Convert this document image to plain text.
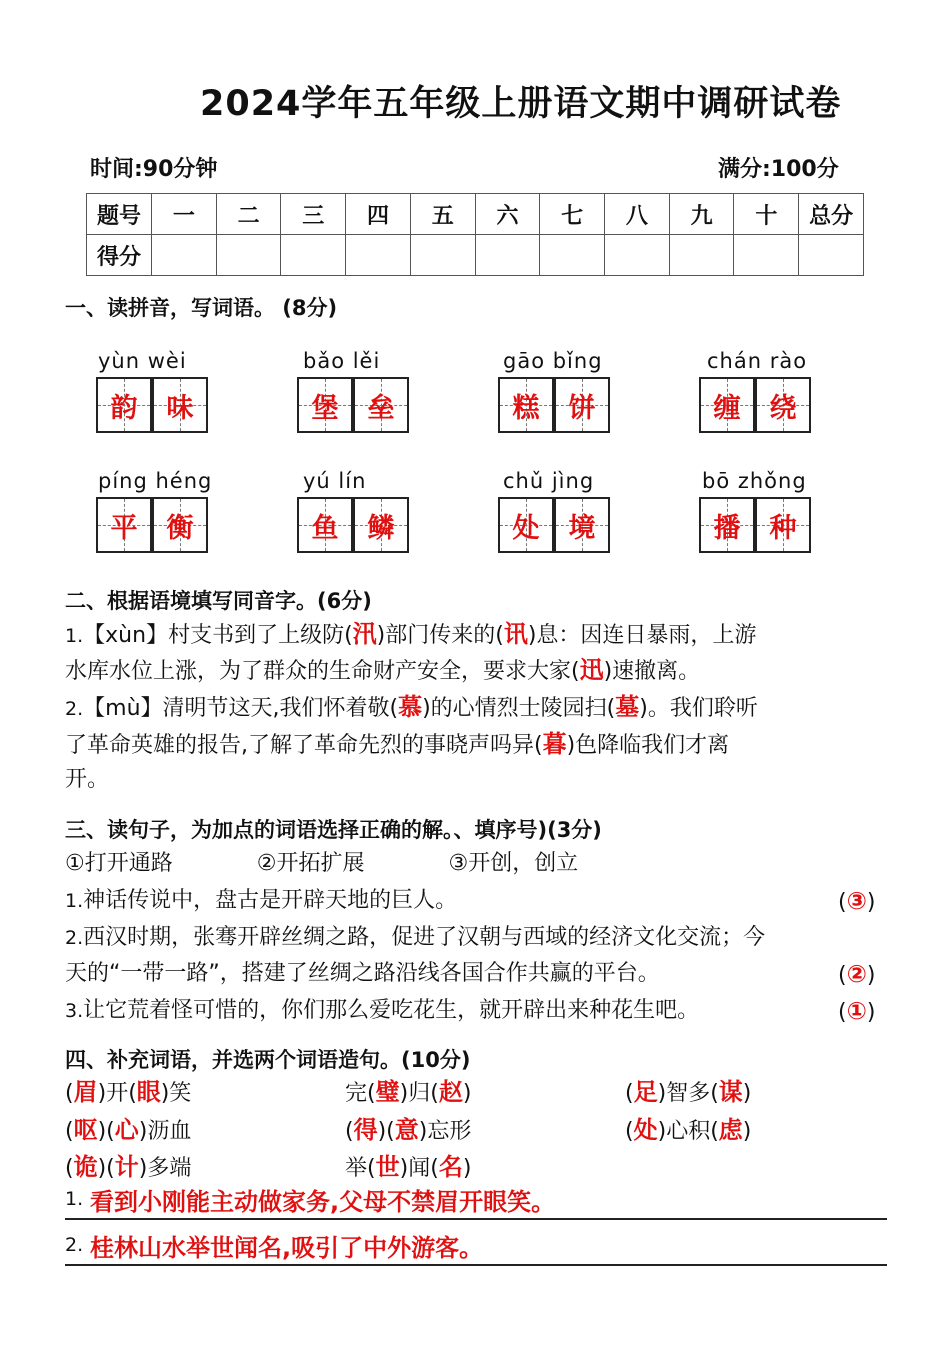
2024学年五年级上册语文期中调研试卷
时间:90分钟	满分:100分
题号	一	二	三	四	五	六	七	八	九	十	总分
得分											
一、读拼音，写词语。 (8分)
yùn wèi
韵 味
bǎo lěi
堡 垒
gāo bǐng
糕 饼
chán rào
缠 绕
píng héng
平 衡
yú lín
鱼 鳞
chǔ jìng
处 境
bō zhǒng
播 种
二、根据语境填写同音字。(6分)
1.【xùn】村支书到了上级防(汛)部门传来的(讯)息：因连日暴雨，上游
水库水位上涨，为了群众的生命财产安全，要求大家(迅)速撤离。
2.【mù】清明节这天,我们怀着敬(慕)的心情烈士陵园扫(墓)。我们聆听
了革命英雄的报告,了解了革命先烈的事晓声吗异(暮)色降临我们才离
开。
三、读句子，为加点的词语选择正确的解。、填序号)(3分)
①打开通路	②开拓扩展	③开创，创立
1.神话传说中，盘古是开辟天地的巨人。	(③)
2.西汉时期，张骞开辟丝绸之路，促进了汉朝与西域的经济文化交流；今
天的“一带一路”，搭建了丝绸之路沿线各国合作共赢的平台。	(②)
3.让它荒着怪可惜的，你们那么爱吃花生，就开辟出来种花生吧。	(①)
四、补充词语，并选两个词语造句。(10分)
(眉)开(眼)笑	完(璧)归(赵)	(足)智多(谋)
(呕)(心)沥血	(得)(意)忘形	(处)心积(虑)
(诡)(计)多端	举(世)闻(名)
1. 看到小刚能主动做家务,父母不禁眉开眼笑。
2. 桂林山水举世闻名,吸引了中外游客。
